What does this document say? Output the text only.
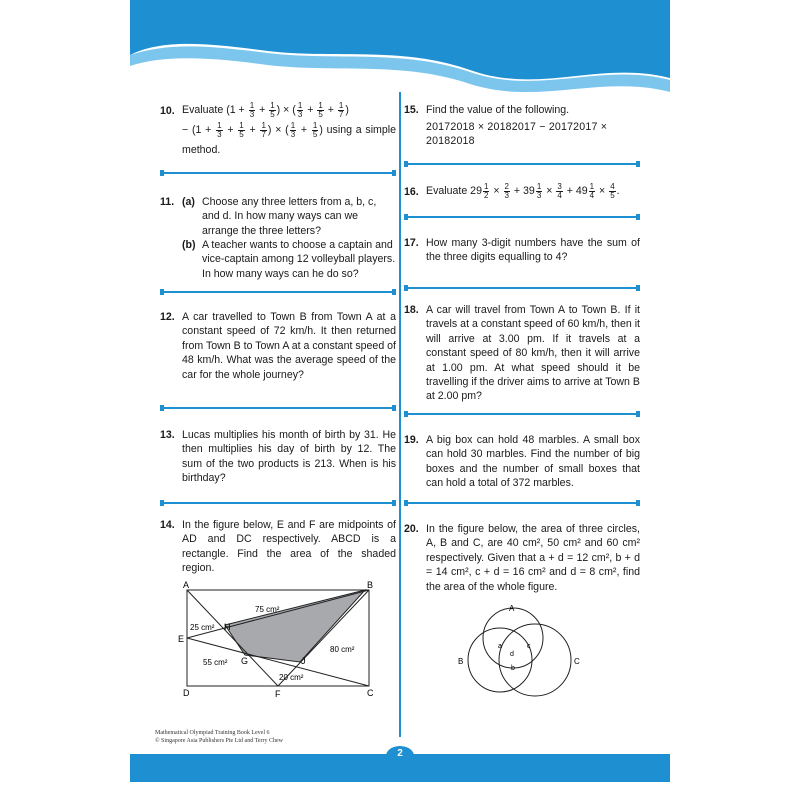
10. Evaluate ($1 + \frac{1}{3} + \frac{1}{5}$ ) × ( $\frac{1}{3} + \frac{1}{5} + \frac{1}{7}$ )
− ($1 + \frac{1}{3} + \frac{1}{5} + \frac{1}{7}$ ) × ( $\frac{1}{3} + \frac{1}{5}$ ) using a simple method.
11. (a) Choose any three letters from a, b, c, and d. In how many ways can we arrange the three letters?
(b) A teacher wants to choose a captain and vice-captain among 12 volleyball players. In how many ways can he do so?
12. A car travelled to Town B from Town A at a constant speed of 72 km/h. It then returned from Town B to Town A at a constant speed of 48 km/h. What was the average speed of the car for the whole journey?
13. Lucas multiplies his month of birth by 31. He then multiplies his day of birth by 12. The sum of the two products is 213. When is his birthday?
14. In the figure below, E and F are midpoints of AD and DC respectively. ABCD is a rectangle. Find the area of the shaded region.
A	B
C
D
E
F
G
H
J
75 cm²
25 cm²
55 cm²
80 cm²
20 cm²
15. Find the value of the following.
20172018 × 20182017 − 20172017 × 20182018
16. Evaluate $29 \frac{1}{2} \times \frac{2}{3} + 39 \frac{1}{3} \times \frac{3}{4} + 49 \frac{1}{4} \times \frac{4}{5}$ .
17. How many 3-digit numbers have the sum of the three digits equalling to 4?
18. A car will travel from Town A to Town B. If it travels at a constant speed of 60 km/h, then it will arrive at 3.00 pm. If it travels at a constant speed of 80 km/h, then it will arrive at 1.00 pm. At what speed should it be travelling if the driver aims to arrive at Town B at 2.00 pm?
19. A big box can hold 48 marbles. A small box can hold 30 marbles. Find the number of big boxes and the number of small boxes that can hold a total of 372 marbles.
20. In the figure below, the area of three circles, A, B and C, are 40 cm², 50 cm² and 60 cm² respectively. Given that a + d = 12 cm², b + d = 14 cm², c + d = 16 cm² and d = 8 cm², find the area of the whole figure.
A
B	C
a	c
d
b
Mathematical Olympiad Training Book Level 6
© Singapore Asia Publishers Pte Ltd and Terry Chew
2
